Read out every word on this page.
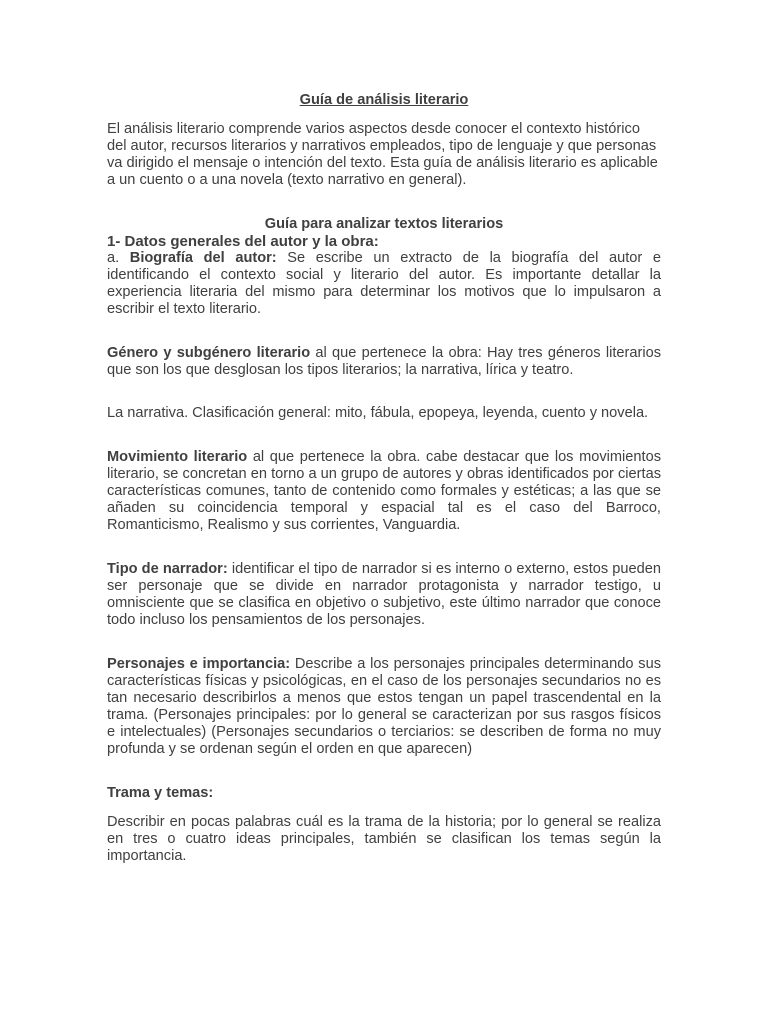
Guía de análisis literario

El análisis literario comprende varios aspectos desde conocer el contexto histórico del autor, recursos literarios y narrativos empleados, tipo de lenguaje y que personas va dirigido el mensaje o intención del texto. Esta guía de análisis literario es aplicable a un cuento o a una novela (texto narrativo en general).

Guía para analizar textos literarios

1- Datos generales del autor y la obra:

a. Biografía del autor: Se escribe un extracto de la biografía del autor e identificando el contexto social y literario del autor. Es importante detallar la experiencia literaria del mismo para determinar los motivos que lo impulsaron a escribir el texto literario.

Género y subgénero literario al que pertenece la obra: Hay tres géneros literarios que son los que desglosan los tipos literarios; la narrativa, lírica y teatro.

La narrativa. Clasificación general: mito, fábula, epopeya, leyenda, cuento y novela.

Movimiento literario al que pertenece la obra. cabe destacar que los movimientos literario, se concretan en torno a un grupo de autores y obras identificados por ciertas características comunes, tanto de contenido como formales y estéticas; a las que se añaden su coincidencia temporal y espacial tal es el caso del Barroco, Romanticismo, Realismo y sus corrientes, Vanguardia.

Tipo de narrador: identificar el tipo de narrador si es interno o externo, estos pueden ser personaje que se divide en narrador protagonista y narrador testigo, u omnisciente que se clasifica en objetivo o subjetivo, este último narrador que conoce todo incluso los pensamientos de los personajes.

Personajes e importancia: Describe a los personajes principales determinando sus características físicas y psicológicas, en el caso de los personajes secundarios no es tan necesario describirlos a menos que estos tengan un papel trascendental en la trama. (Personajes principales: por lo general se caracterizan por sus rasgos físicos e intelectuales) (Personajes secundarios o terciarios: se describen de forma no muy profunda y se ordenan según el orden en que aparecen)

Trama y temas:

Describir en pocas palabras cuál es la trama de la historia; por lo general se realiza en tres o cuatro ideas principales, también se clasifican los temas según la importancia.
